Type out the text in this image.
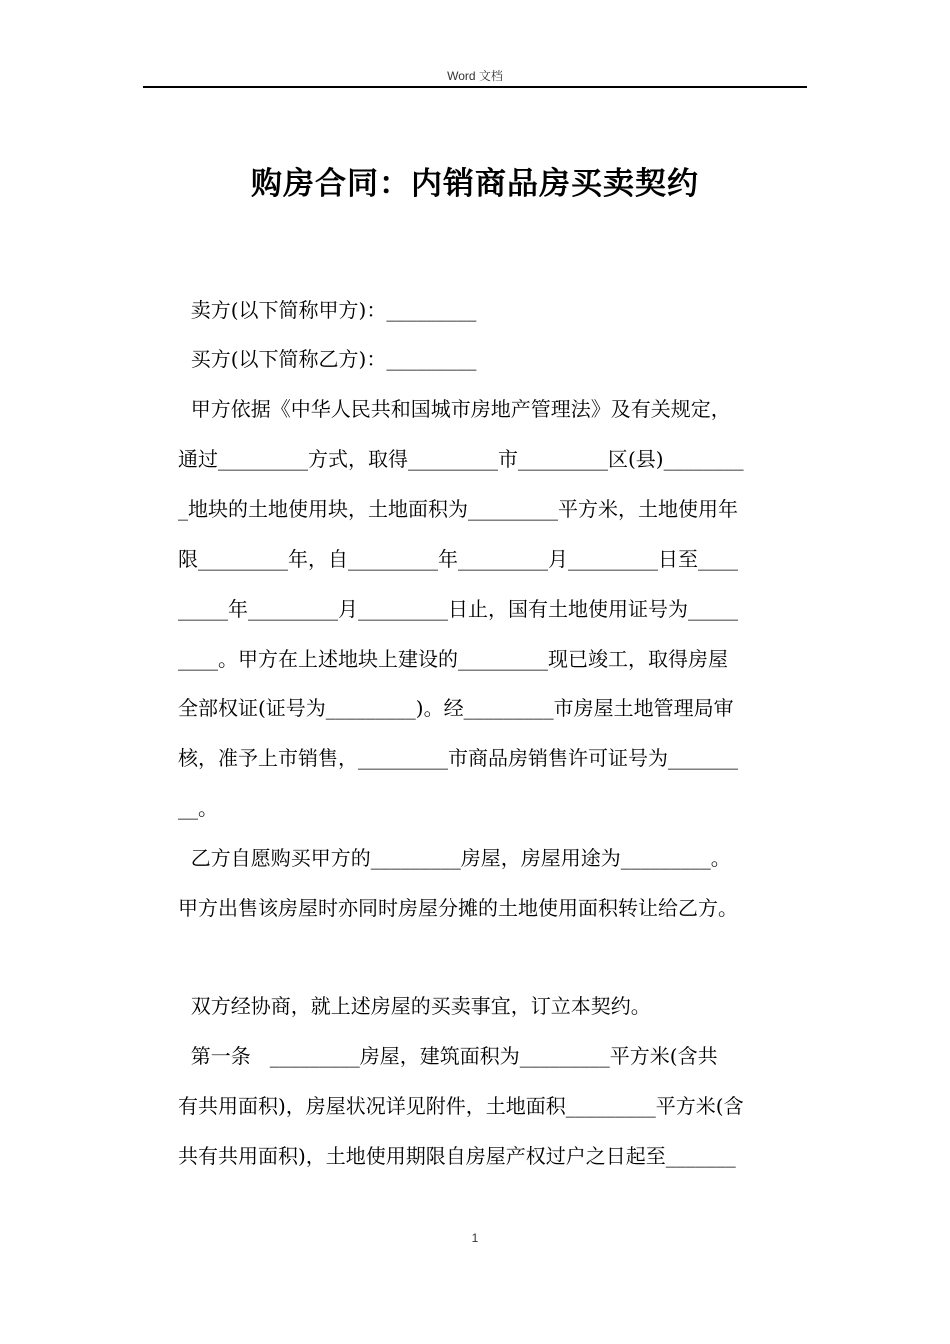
Word 文档
购房合同：内销商品房买卖契约
卖方(以下简称甲方)：_________
买方(以下简称乙方)：_________
甲方依据《中华人民共和国城市房地产管理法》及有关规定，
通过_________方式，取得_________市_________区(县)________
_地块的土地使用块，土地面积为_________平方米，土地使用年
限_________年，自_________年_________月_________日至____
_____年_________月_________日止，国有土地使用证号为_____
____。甲方在上述地块上建设的_________现已竣工，取得房屋
全部权证(证号为_________)。经_________市房屋土地管理局审
核，准予上市销售，_________市商品房销售许可证号为_______
__。
乙方自愿购买甲方的_________房屋，房屋用途为_________。
甲方出售该房屋时亦同时房屋分摊的土地使用面积转让给乙方。
双方经协商，就上述房屋的买卖事宜，订立本契约。
第一条   _________房屋，建筑面积为_________平方米(含共
有共用面积)，房屋状况详见附件，土地面积_________平方米(含
共有共用面积)，土地使用期限自房屋产权过户之日起至_______
1
